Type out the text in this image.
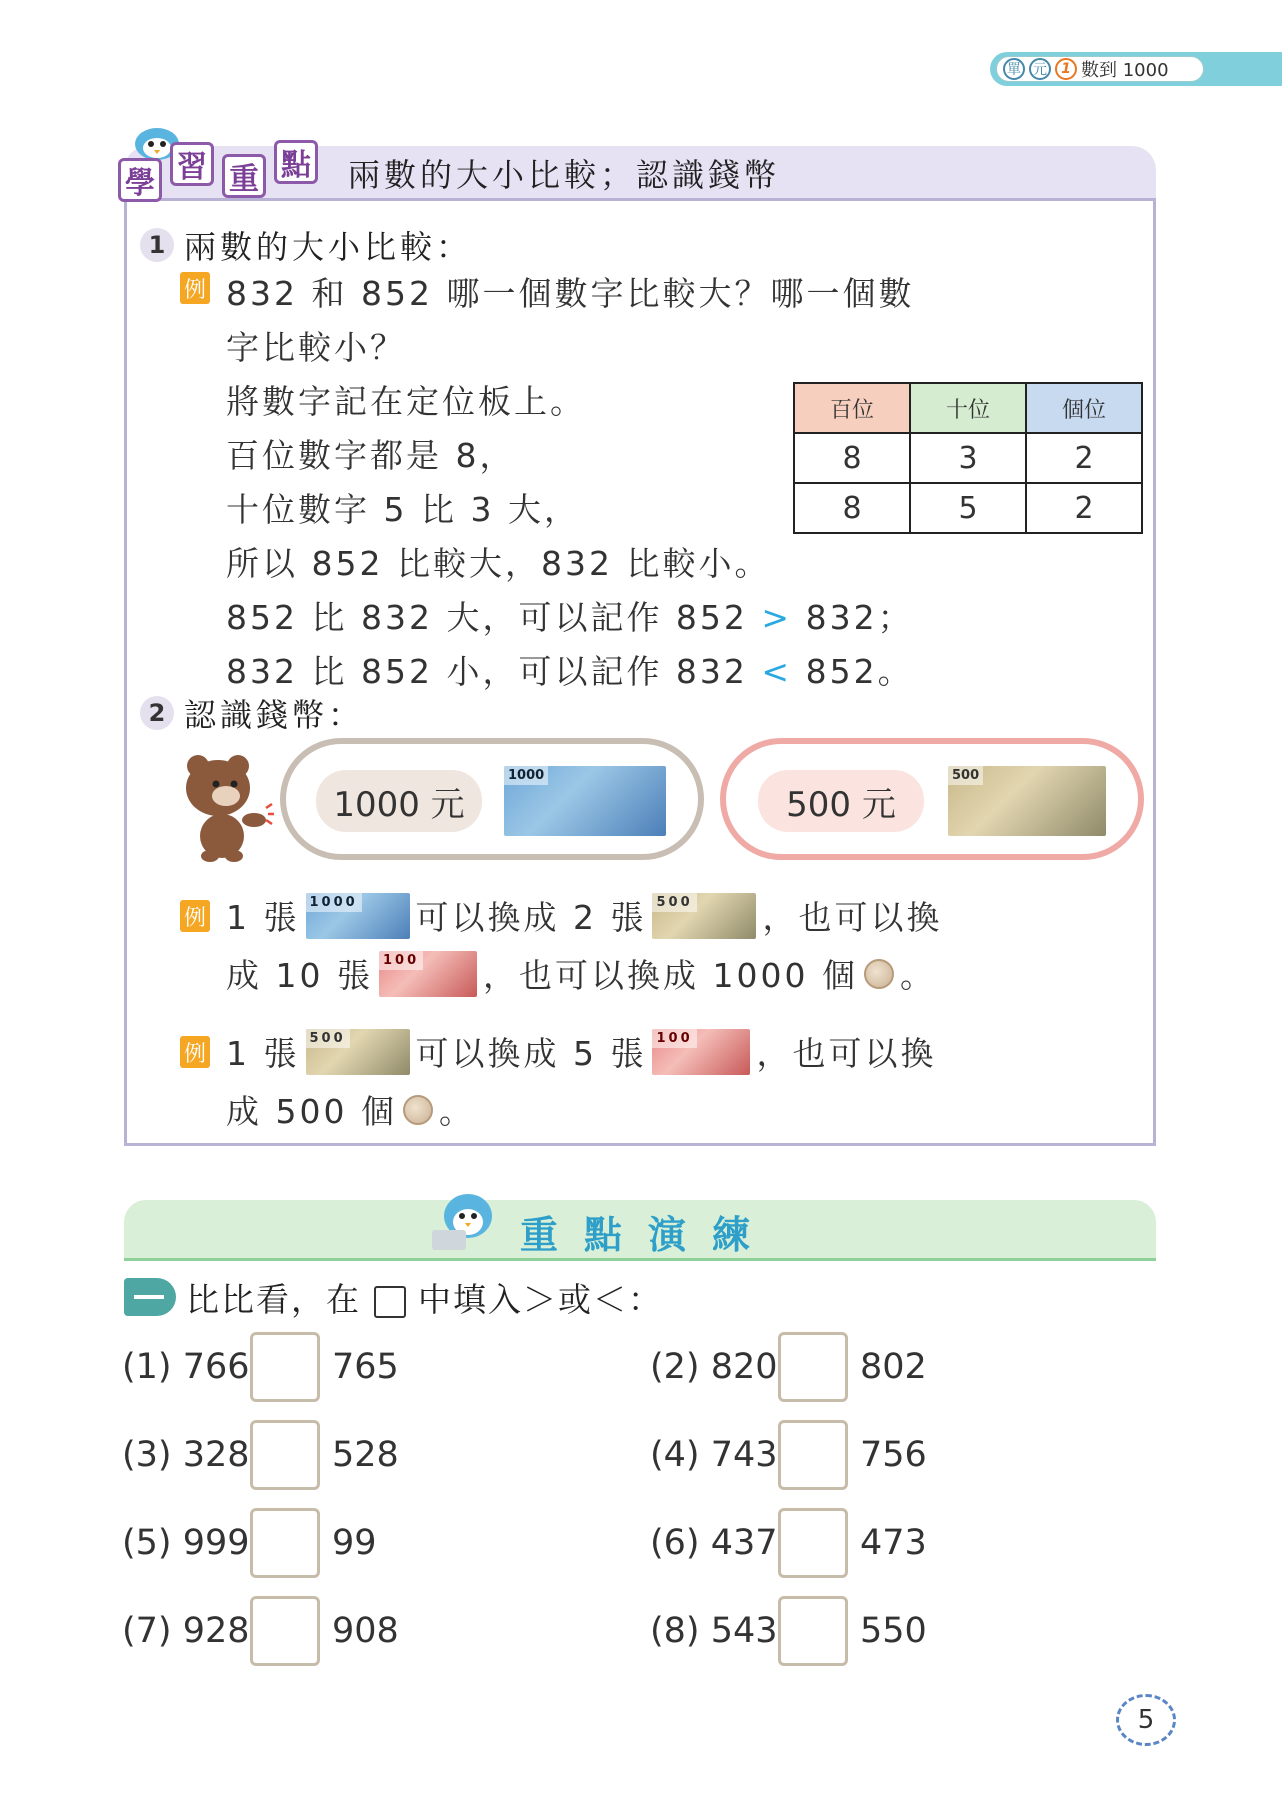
單 元	1 數到 1000
學 習 重 點 兩數的大小比較；認識錢幣
1 兩數的大小比較：
例 832 和 852 哪一個數字比較大？哪一個數
字比較小？
將數字記在定位板上。
百位數字都是 8，
十位數字 5 比 3 大，
所以 852 比較大，832 比較小。
852 比 832 大，可以記作 852 > 832；
832 比 852 小，可以記作 832 < 852。
百位	十位	個位
8	3	2
8	5	2
2 認識錢幣：
1000 元
1000
500 元
500
例 1 張 1000 可以換成 2 張 500 ，也可以換
成 10 張 100 ，也可以換成 1000 個 。
例 1 張 500 可以換成 5 張 100 ，也可以換
成 500 個 。
重點演練
比比看，在 中填入＞或＜：
(1) 766 765	(2) 820 802
(3) 328 528	(4) 743 756
(5) 999 99	(6) 437 473
(7) 928 908	(8) 543 550
5
